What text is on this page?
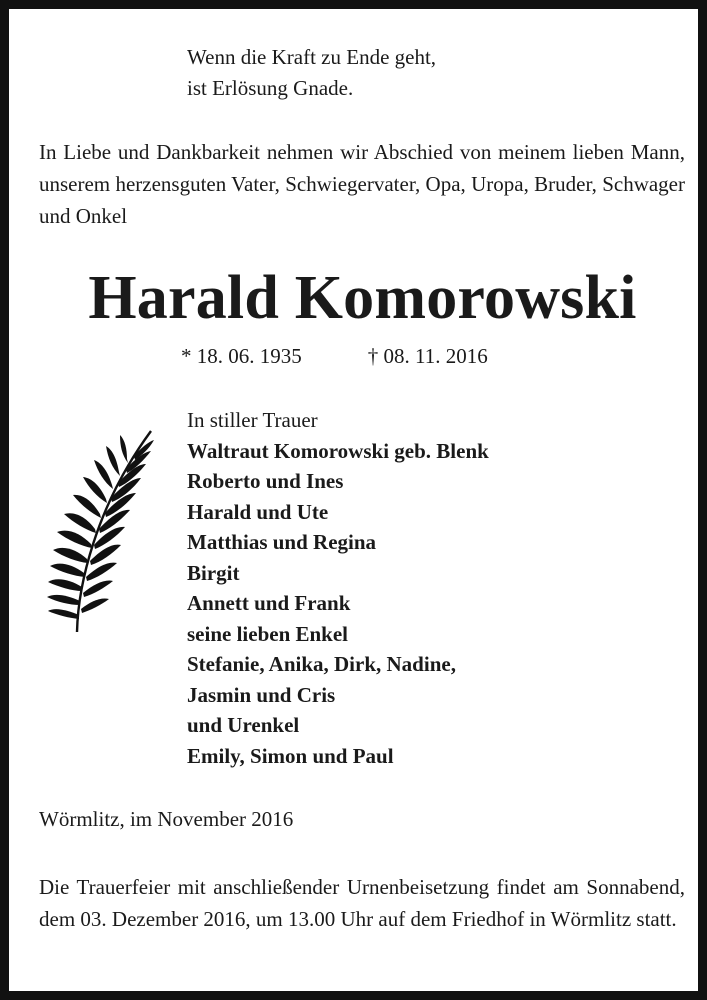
Wenn die Kraft zu Ende geht,
ist Erlösung Gnade.

In Liebe und Dankbarkeit nehmen wir Abschied von meinem lieben Mann, unserem herzensguten Vater, Schwiegervater, Opa, Uropa, Bruder, Schwager und Onkel

Harald Komorowski
* 18. 06. 1935	† 08. 11. 2016
In stiller Trauer
Waltraut Komorowski geb. Blenk
Roberto und Ines
Harald und Ute
Matthias und Regina
Birgit
Annett und Frank
seine lieben Enkel
Stefanie, Anika, Dirk, Nadine,
Jasmin und Cris
und Urenkel
Emily, Simon und Paul
Wörmlitz, im November 2016

Die Trauerfeier mit anschließender Urnenbeisetzung findet am Sonnabend, dem 03. Dezember 2016, um 13.00 Uhr auf dem Friedhof in Wörmlitz statt.
